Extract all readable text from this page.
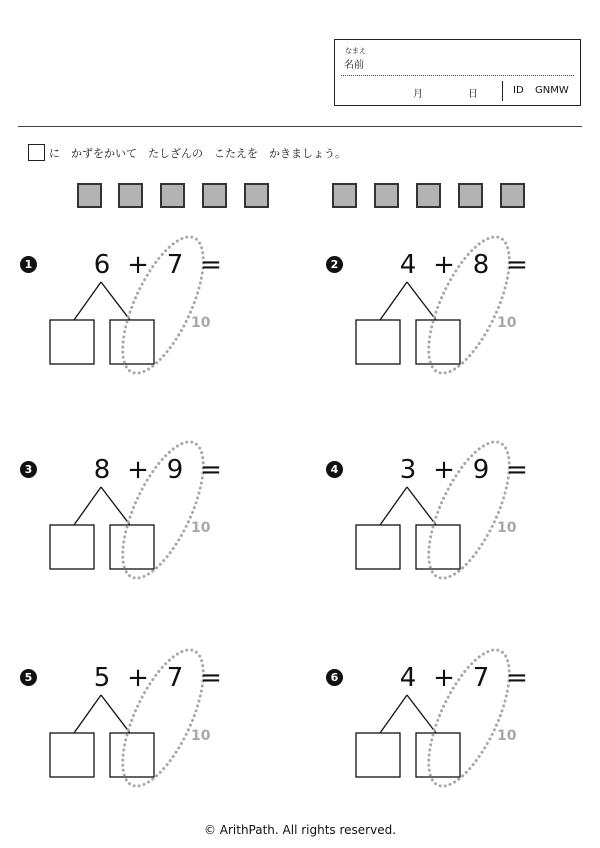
なまえ
名前
月	日	ID GNMW
に　かずをかいて　たしざんの　こたえを　かきましょう。
1 6 + 7 =
10
2 4 + 8 =
10
3 8 + 9 =
10
4 3 + 9 =
10
5 5 + 7 =
10
6 4 + 7 =
10
© ArithPath. All rights reserved.
